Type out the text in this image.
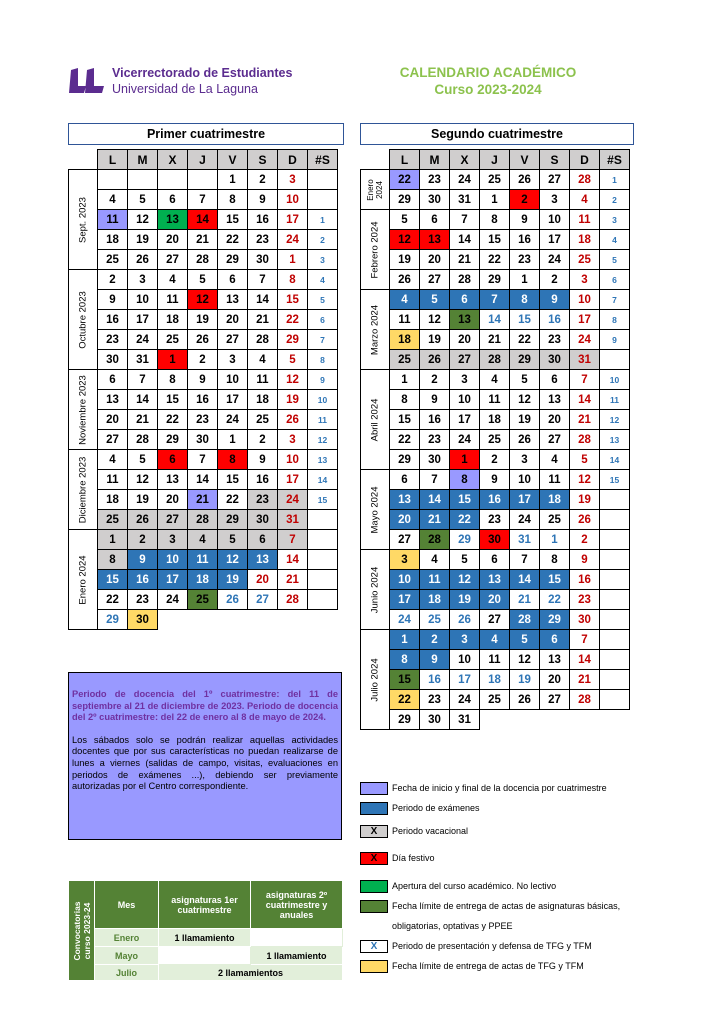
Vicerrectorado de Estudiantes
Universidad de La Laguna
CALENDARIO ACADÉMICO
Curso 2023-2024
Primer cuatrimestre	Segundo cuatrimestre
	L	M	X	J	V	S	D	#S

Sept. 2023					1	2	3	
	4	5	6	7	8	9	10	
	11	12	13	14	15	16	17	1
	18	19	20	21	22	23	24	2
	25	26	27	28	29	30	1	3

Octubre 2023	2	3	4	5	6	7	8	4
	9	10	11	12	13	14	15	5
	16	17	18	19	20	21	22	6
	23	24	25	26	27	28	29	7
	30	31	1	2	3	4	5	8

Noviembre 2023	6	7	8	9	10	11	12	9
	13	14	15	16	17	18	19	10
	20	21	22	23	24	25	26	11
	27	28	29	30	1	2	3	12

Diciembre 2023	4	5	6	7	8	9	10	13
	11	12	13	14	15	16	17	14
	18	19	20	21	22	23	24	15
	25	26	27	28	29	30	31	

Enero 2024	1	2	3	4	5	6	7	
	8	9	10	11	12	13	14	
	15	16	17	18	19	20	21	
	22	23	24	25	26	27	28	
	29	30						
	L	M	X	J	V	S	D	#S

Enero 2024	22	23	24	25	26	27	28	1
	29	30	31	1	2	3	4	2

Febrero 2024	5	6	7	8	9	10	11	3
	12	13	14	15	16	17	18	4
	19	20	21	22	23	24	25	5
	26	27	28	29	1	2	3	6

Marzo 2024	4	5	6	7	8	9	10	7
	11	12	13	14	15	16	17	8
	18	19	20	21	22	23	24	9
	25	26	27	28	29	30	31	

Abril 2024	1	2	3	4	5	6	7	10
	8	9	10	11	12	13	14	11
	15	16	17	18	19	20	21	12
	22	23	24	25	26	27	28	13
	29	30	1	2	3	4	5	14

Mayo 2024	6	7	8	9	10	11	12	15
	13	14	15	16	17	18	19	
	20	21	22	23	24	25	26	
	27	28	29	30	31	1	2	

Junio 2024	3	4	5	6	7	8	9	
	10	11	12	13	14	15	16	
	17	18	19	20	21	22	23	
	24	25	26	27	28	29	30	

Julio 2024	1	2	3	4	5	6	7	
	8	9	10	11	12	13	14	
	15	16	17	18	19	20	21	
	22	23	24	25	26	27	28	
	29	30	31					

Periodo de docencia del 1º cuatrimestre: del 11 de septiembre al 21 de diciembre de 2023. Periodo de docencia del 2º cuatrimestre: del 22 de enero al 8 de mayo de 2024.

Los sábados solo se podrán realizar aquellas actividades docentes que por sus características no puedan realizarse de lunes a viernes (salidas de campo, visitas, evaluaciones en periodos de exámenes ...), debiendo ser previamente autorizadas por el Centro correspondiente.	Fecha de inicio y final de la docencia por cuatrimestre
Periodo de exámenes
X	Periodo vacacional
X	Día festivo
Apertura del curso académico. No lectivo
Fecha límite de entrega de actas de asignaturas básicas,
obligatorias, optativas y PPEE
X	Periodo de presentación y defensa de TFG y TFM
Fecha límite de entrega de actas de TFG y TFM
Convocatorias curso 2023-24	Mes	asignaturas 1er cuatrimestre	asignaturas 2º cuatrimestre y anuales
	Enero	1 llamamiento	
	Mayo		1 llamamiento
	Julio	2 llamamientos	
